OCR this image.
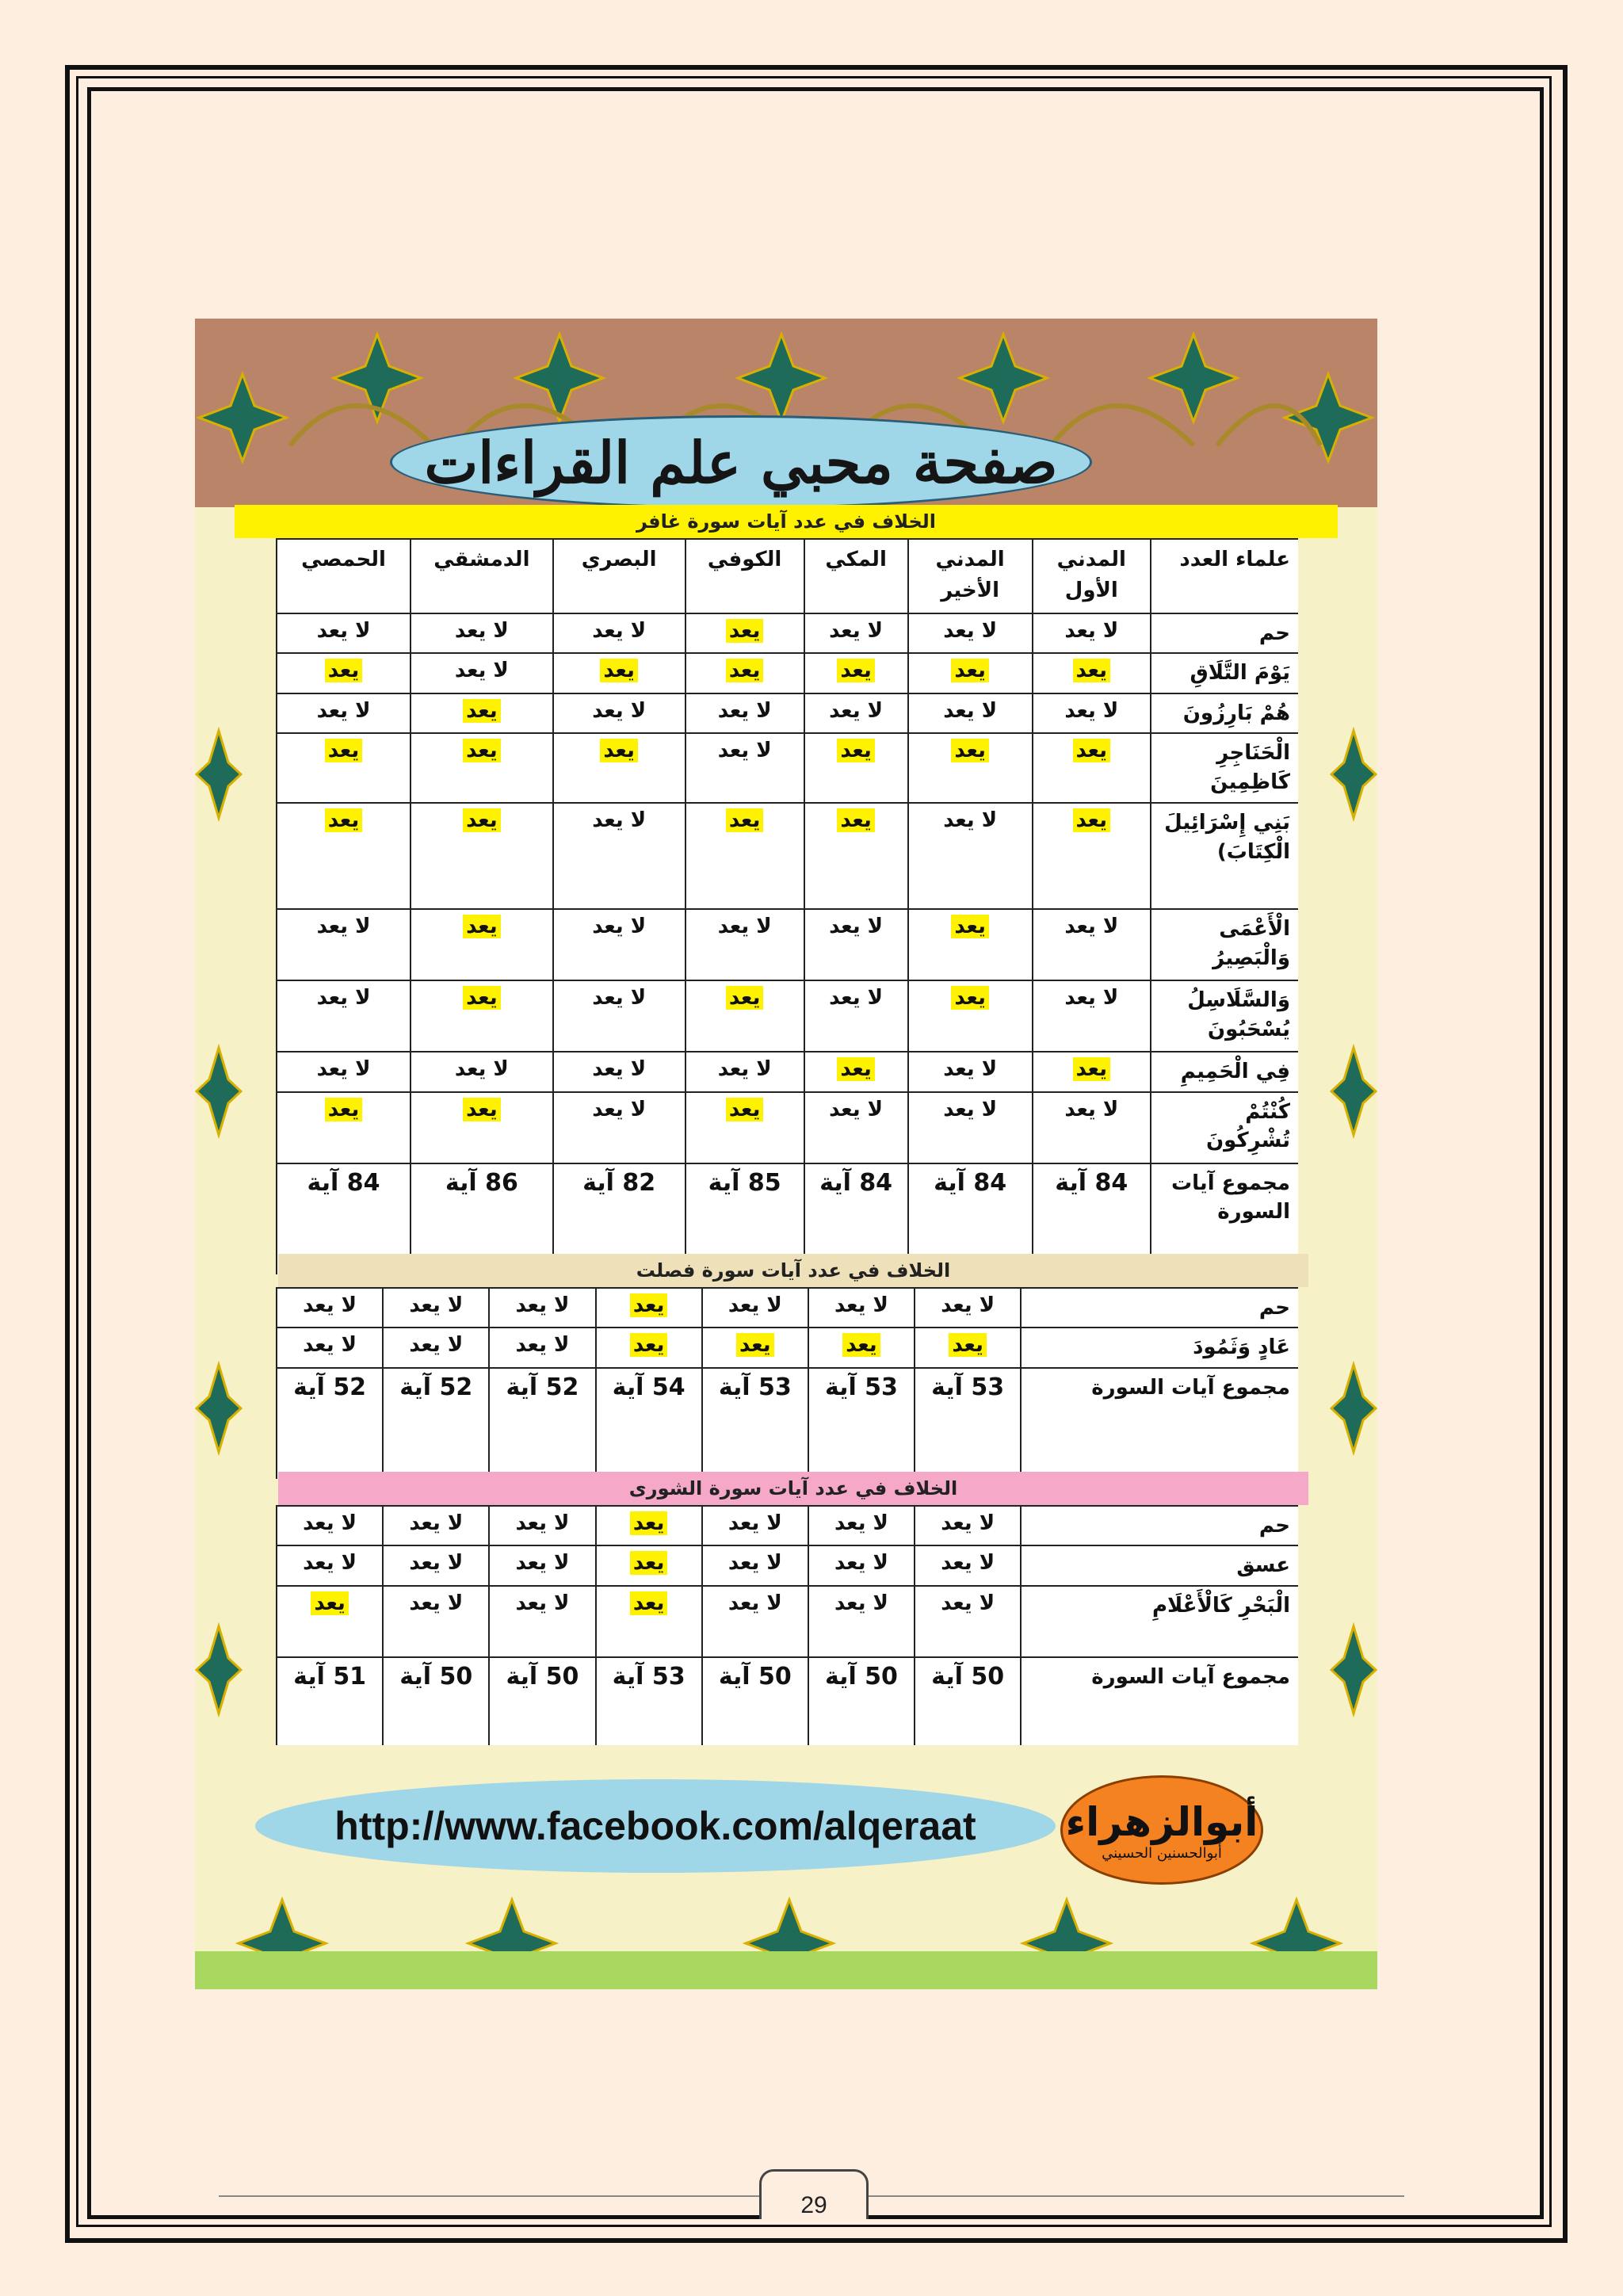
صفحة محبي علم القراءات
الخلاف في عدد آيات سورة غافر
علماء العدد	المدني الأول	المدني الأخير	المكي	الكوفي	البصري	الدمشقي	الحمصي
حم	لا يعد	لا يعد	لا يعد	يعد	لا يعد	لا يعد	لا يعد
يَوْمَ التَّلَاقِ	يعد	يعد	يعد	يعد	يعد	لا يعد	يعد
هُمْ بَارِزُونَ	لا يعد	لا يعد	لا يعد	لا يعد	لا يعد	يعد	لا يعد
الْحَنَاجِرِ كَاظِمِينَ	يعد	يعد	يعد	لا يعد	يعد	يعد	يعد
بَنِي إِسْرَائِيلَ الْكِتَابَ)	يعد	لا يعد	يعد	يعد	لا يعد	يعد	يعد
الْأَعْمَى وَالْبَصِيرُ	لا يعد	يعد	لا يعد	لا يعد	لا يعد	يعد	لا يعد
وَالسَّلَاسِلُ يُسْحَبُونَ	لا يعد	يعد	لا يعد	يعد	لا يعد	يعد	لا يعد
فِي الْحَمِيمِ	يعد	لا يعد	يعد	لا يعد	لا يعد	لا يعد	لا يعد
كُنْتُمْ تُشْرِكُونَ	لا يعد	لا يعد	لا يعد	يعد	لا يعد	يعد	يعد
مجموع آيات السورة	84 آية	84 آية	84 آية	85 آية	82 آية	86 آية	84 آية
الخلاف في عدد آيات سورة فصلت
حم	لا يعد	لا يعد	لا يعد	يعد	لا يعد	لا يعد	لا يعد
عَادٍ وَثَمُودَ	يعد	يعد	يعد	يعد	لا يعد	لا يعد	لا يعد
مجموع آيات السورة	53 آية	53 آية	53 آية	54 آية	52 آية	52 آية	52 آية
الخلاف في عدد آيات سورة الشورى
حم	لا يعد	لا يعد	لا يعد	يعد	لا يعد	لا يعد	لا يعد
عسق	لا يعد	لا يعد	لا يعد	يعد	لا يعد	لا يعد	لا يعد
الْبَحْرِ كَالْأَعْلَامِ	لا يعد	لا يعد	لا يعد	يعد	لا يعد	لا يعد	يعد
مجموع آيات السورة	50 آية	50 آية	50 آية	53 آية	50 آية	50 آية	51 آية
http://www.facebook.com/alqeraat أبوالزهراء
أبوالحسنين الحسيني
29
